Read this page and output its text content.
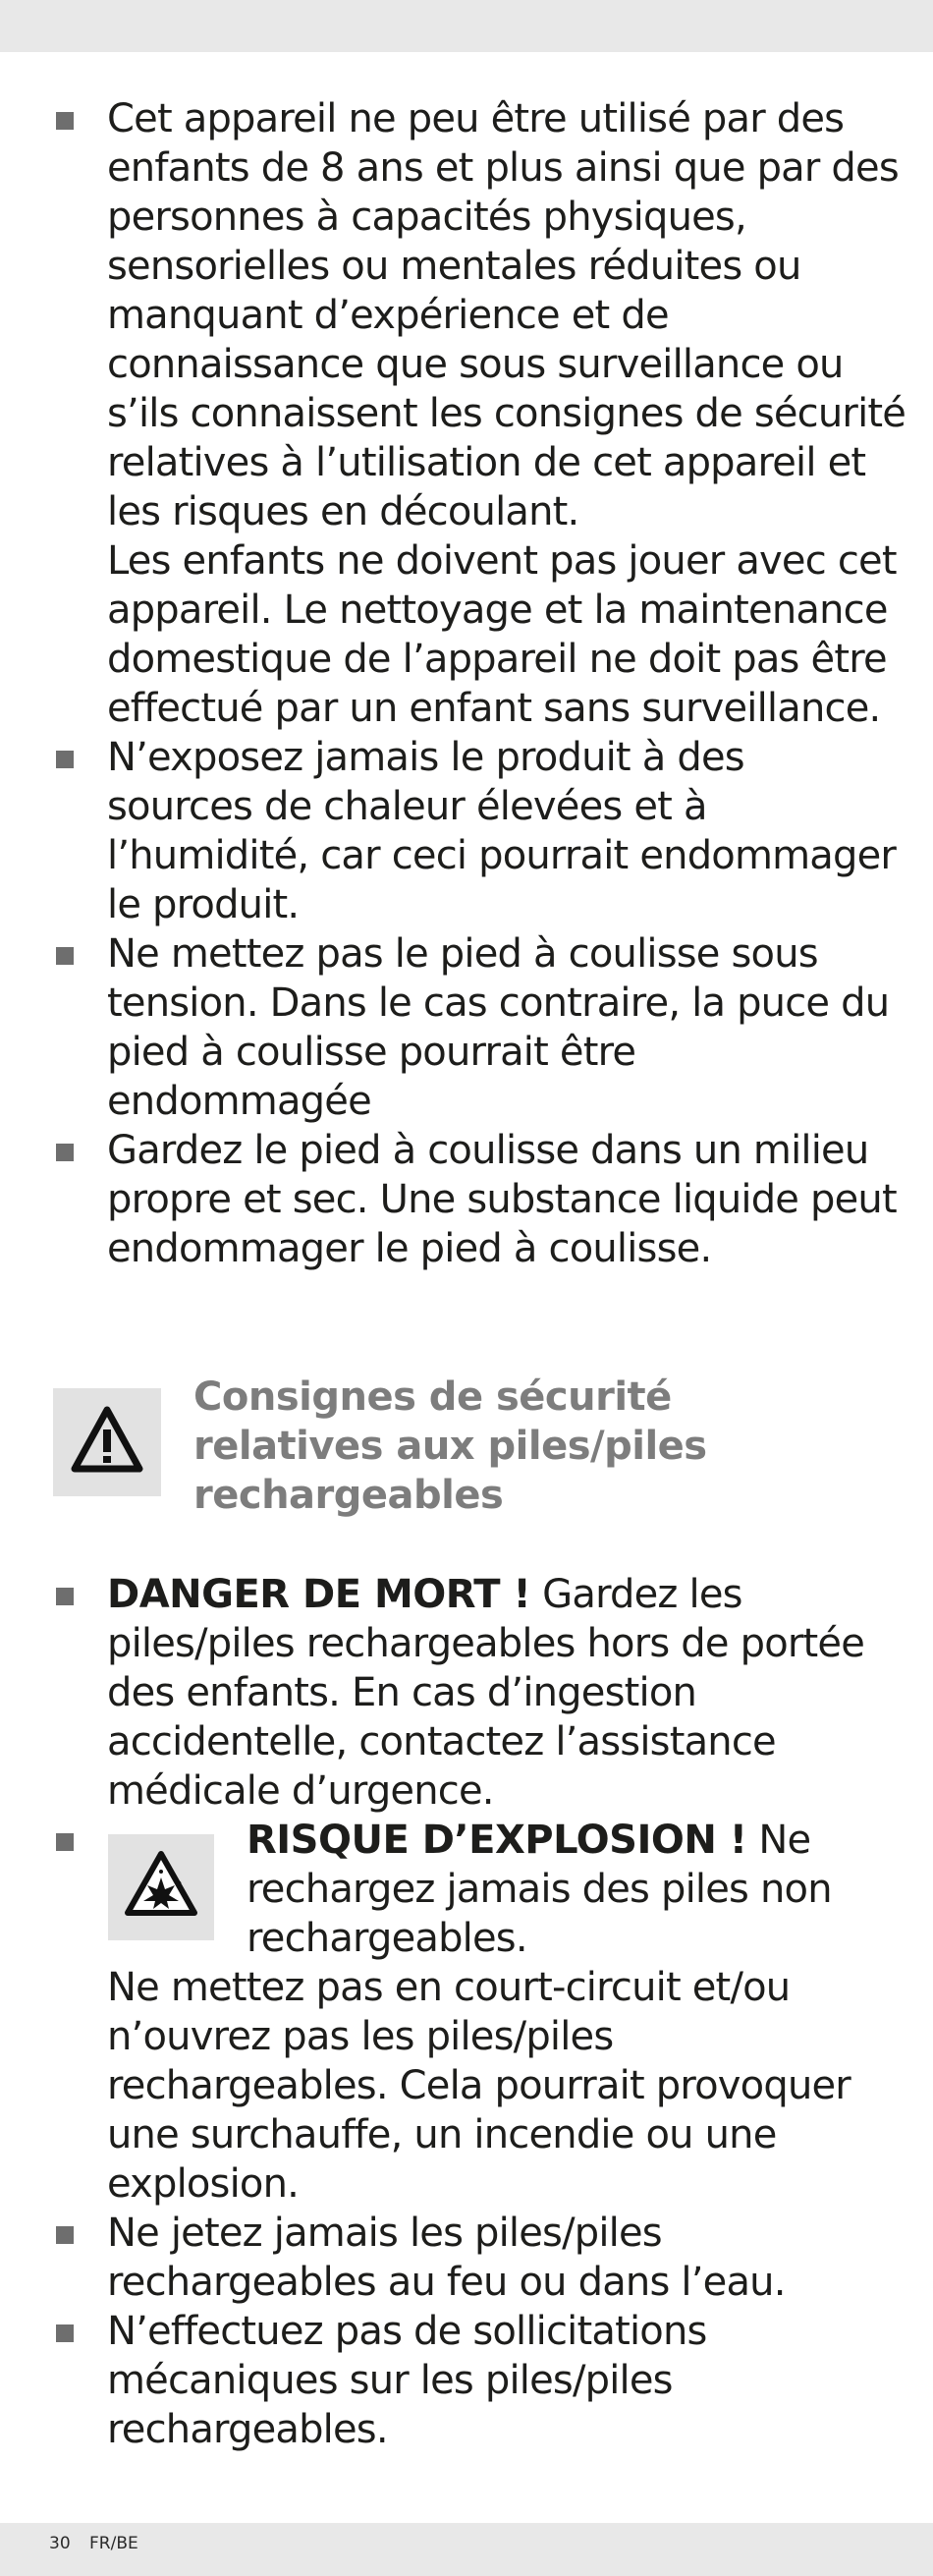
Cet appareil ne peu être utilisé par des
enfants de 8 ans et plus ainsi que par des
personnes à capacités physiques,
sensorielles ou mentales réduites ou
manquant d’expérience et de
connaissance que sous surveillance ou
s’ils connaissent les consignes de sécurité
relatives à l’utilisation de cet appareil et
les risques en découlant.
Les enfants ne doivent pas jouer avec cet
appareil. Le nettoyage et la maintenance
domestique de l’appareil ne doit pas être
effectué par un enfant sans surveillance.
N’exposez jamais le produit à des
sources de chaleur élevées et à
l’humidité, car ceci pourrait endommager
le produit.
Ne mettez pas le pied à coulisse sous
tension. Dans le cas contraire, la puce du
pied à coulisse pourrait être
endommagée
Gardez le pied à coulisse dans un milieu
propre et sec. Une substance liquide peut
endommager le pied à coulisse.
Consignes de sécurité
relatives aux piles/piles
rechargeables
DANGER DE MORT ! Gardez les
piles/piles rechargeables hors de portée
des enfants. En cas d’ingestion
accidentelle, contactez l’assistance
médicale d’urgence.
RISQUE D’EXPLOSION ! Ne
rechargez jamais des piles non
rechargeables.
Ne mettez pas en court-circuit et/ou
n’ouvrez pas les piles/piles
rechargeables. Cela pourrait provoquer
une surchauffe, un incendie ou une
explosion.
Ne jetez jamais les piles/piles
rechargeables au feu ou dans l’eau.
N’effectuez pas de sollicitations
mécaniques sur les piles/piles
rechargeables.
30 FR/BE
